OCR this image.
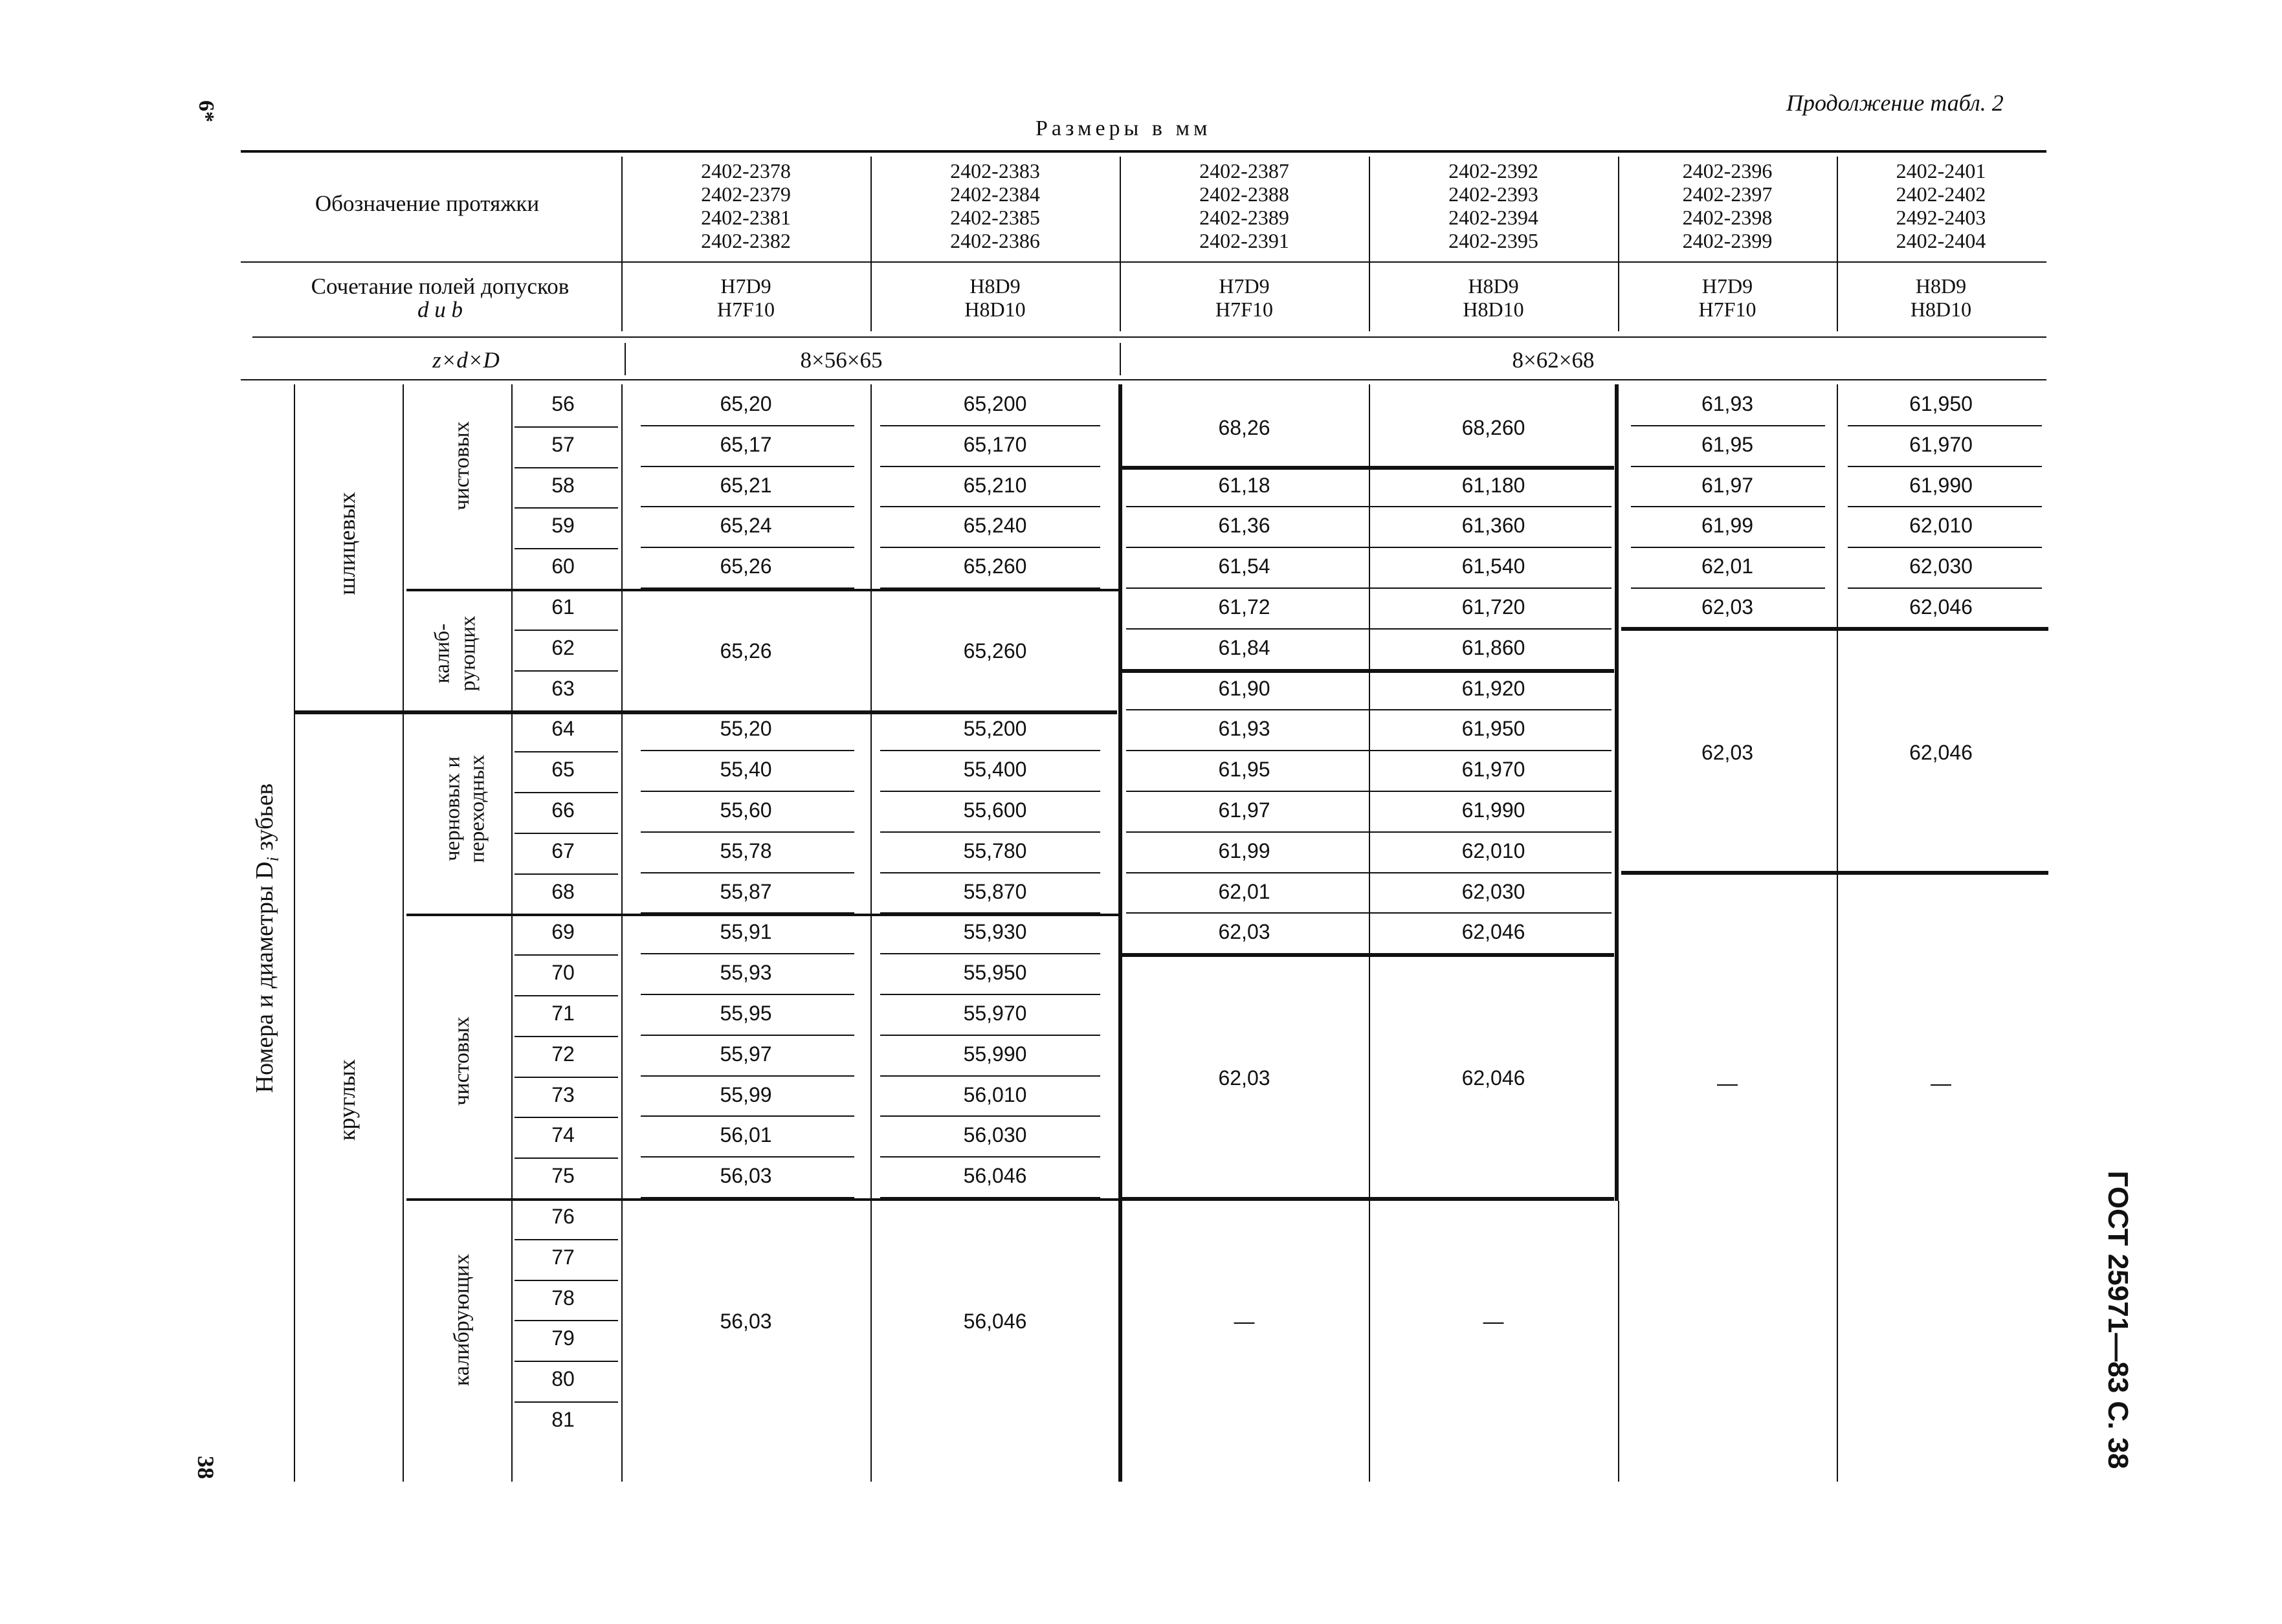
6*
38	ГОСТ 25971—83 С. 38
Продолжение табл. 2
Размеры в мм
Обозначение протяжки
Сочетание полей допусков
d и b
z×d×D
2402-2378
2402-2379
2402-2381
2402-2382
2402-2383
2402-2384
2402-2385
2402-2386
2402-2387
2402-2388
2402-2389
2402-2391
2402-2392
2402-2393
2402-2394
2402-2395
2402-2396
2402-2397
2402-2398
2402-2399
2402-2401
2402-2402
2492-2403
2402-2404
H7D9
H7F10
H8D9
H8D10
H7D9
H7F10
H8D9
H8D10
H7D9
H7F10
H8D9
H8D10
8×56×65	8×62×68
Номера и диаметры $D_i$ зубьев
шлицевых
круглых
чистовых
калиб- рующих
черновых и переходных
чистовых
калибрующих
56
57
58
59
60
61
62
63
64
65
66
67
68
69
70
71
72
73
74
75
76
77
78
79
80
81
65,20
65,17
65,21
65,24
65,26
65,26
55,20
55,40
55,60
55,78
55,87
55,91
55,93
55,95
55,97
55,99
56,01
56,03
56,03
65,200
65,170
65,210
65,240
65,260
65,260
55,200
55,400
55,600
55,780
55,870
55,930
55,950
55,970
55,990
56,010
56,030
56,046
56,046
68,26
61,18
61,36
61,54
61,72
61,84
61,90
61,93
61,95
61,97
61,99
62,01
62,03
62,03
—
68,260
61,180
61,360
61,540
61,720
61,860
61,920
61,950
61,970
61,990
62,010
62,030
62,046
62,046
—
61,93
61,95
61,97
61,99
62,01
62,03
62,03
—
61,950
61,970
61,990
62,010
62,030
62,046
62,046
—
